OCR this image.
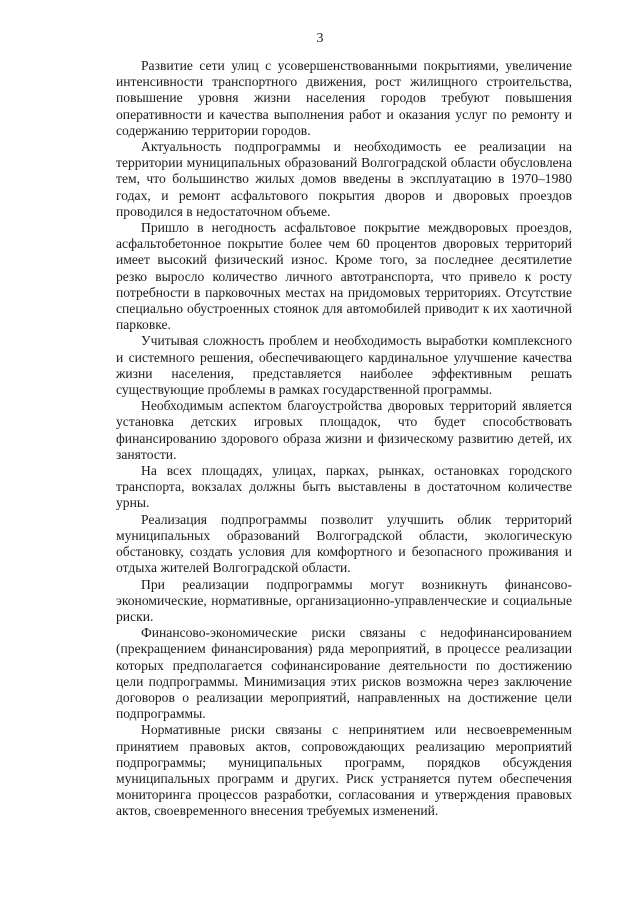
3

Развитие сети улиц с усовершенствованными покрытиями, увеличение интенсивности транспортного движения, рост жилищного строительства, повышение уровня жизни населения городов требуют повышения оперативности и качества выполнения работ и оказания услуг по ремонту и содержанию территории городов.

Актуальность подпрограммы и необходимость ее реализации на территории муниципальных образований Волгоградской области обусловлена тем, что большинство жилых домов введены в эксплуатацию в 1970–1980 годах, и ремонт асфальтового покрытия дворов и дворовых проездов проводился в недостаточном объеме.

Пришло в негодность асфальтовое покрытие междворовых проездов, асфальтобетонное покрытие более чем 60 процентов дворовых территорий имеет высокий физический износ. Кроме того, за последнее десятилетие резко выросло количество личного автотранспорта, что привело к росту потребности в парковочных местах на придомовых территориях. Отсутствие специально обустроенных стоянок для автомобилей приводит к их хаотичной парковке.

Учитывая сложность проблем и необходимость выработки комплексного и системного решения, обеспечивающего кардинальное улучшение качества жизни населения, представляется наиболее эффективным решать существующие проблемы в рамках государственной программы.

Необходимым аспектом благоустройства дворовых территорий является установка детских игровых площадок, что будет способствовать финансированию здорового образа жизни и физическому развитию детей, их занятости.

На всех площадях, улицах, парках, рынках, остановках городского транспорта, вокзалах должны быть выставлены в достаточном количестве урны.

Реализация подпрограммы позволит улучшить облик территорий муниципальных образований Волгоградской области, экологическую обстановку, создать условия для комфортного и безопасного проживания и отдыха жителей Волгоградской области.

При реализации подпрограммы могут возникнуть финансово-экономические, нормативные, организационно-управленческие и социальные риски.

Финансово-экономические риски связаны с недофинансированием (прекращением финансирования) ряда мероприятий, в процессе реализации которых предполагается софинансирование деятельности по достижению цели подпрограммы. Минимизация этих рисков возможна через заключение договоров о реализации мероприятий, направленных на достижение цели подпрограммы.

Нормативные риски связаны с непринятием или несвоевременным принятием правовых актов, сопровождающих реализацию мероприятий подпрограммы; муниципальных программ, порядков обсуждения муниципальных программ и других. Риск устраняется путем обеспечения мониторинга процессов разработки, согласования и утверждения правовых актов, своевременного внесения требуемых изменений.
